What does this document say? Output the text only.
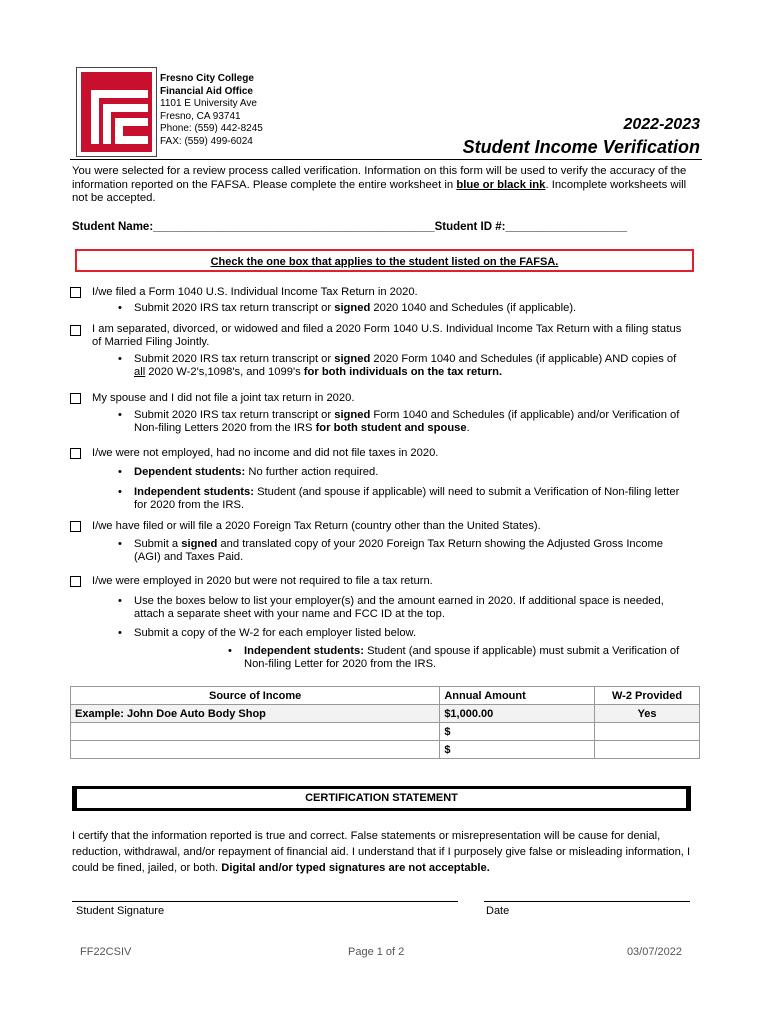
Fresno City College
Financial Aid Office
1101 E University Ave
Fresno, CA 93741
Phone: (559) 442-8245
FAX: (559) 499-6024
2022-2023
Student Income Verification
You were selected for a review process called verification. Information on this form will be used to verify the accuracy of the information reported on the FAFSA. Please complete the entire worksheet in blue or black ink. Incomplete worksheets will not be accepted.
Student Name:____________________________________________Student ID #:___________________
Check the one box that applies to the student listed on the FAFSA.
I/we filed a Form 1040 U.S. Individual Income Tax Return in 2020.
• Submit 2020 IRS tax return transcript or signed 2020 1040 and Schedules (if applicable).
I am separated, divorced, or widowed and filed a 2020 Form 1040 U.S. Individual Income Tax Return with a filing status of Married Filing Jointly.
• Submit 2020 IRS tax return transcript or signed 2020 Form 1040 and Schedules (if applicable) AND copies of all 2020 W-2's,1098's, and 1099's for both individuals on the tax return.
My spouse and I did not file a joint tax return in 2020.
• Submit 2020 IRS tax return transcript or signed Form 1040 and Schedules (if applicable) and/or Verification of Non-filing Letters 2020 from the IRS for both student and spouse.
I/we were not employed, had no income and did not file taxes in 2020.
• Dependent students: No further action required.
• Independent students: Student (and spouse if applicable) will need to submit a Verification of Non-filing letter for 2020 from the IRS.
I/we have filed or will file a 2020 Foreign Tax Return (country other than the United States).
• Submit a signed and translated copy of your 2020 Foreign Tax Return showing the Adjusted Gross Income (AGI) and Taxes Paid.
I/we were employed in 2020 but were not required to file a tax return.
• Use the boxes below to list your employer(s) and the amount earned in 2020. If additional space is needed, attach a separate sheet with your name and FCC ID at the top.
• Submit a copy of the W-2 for each employer listed below.
• Independent students: Student (and spouse if applicable) must submit a Verification of Non-filing Letter for 2020 from the IRS.
Source of Income	Annual Amount	W-2 Provided
Example: John Doe Auto Body Shop	$1,000.00	Yes
	$	
	$	
CERTIFICATION STATEMENT
I certify that the information reported is true and correct. False statements or misrepresentation will be cause for denial, reduction, withdrawal, and/or repayment of financial aid. I understand that if I purposely give false or misleading information, I could be fined, jailed, or both. Digital and/or typed signatures are not acceptable.
Student Signature	Date
FF22CSIV	Page 1 of 2	03/07/2022
